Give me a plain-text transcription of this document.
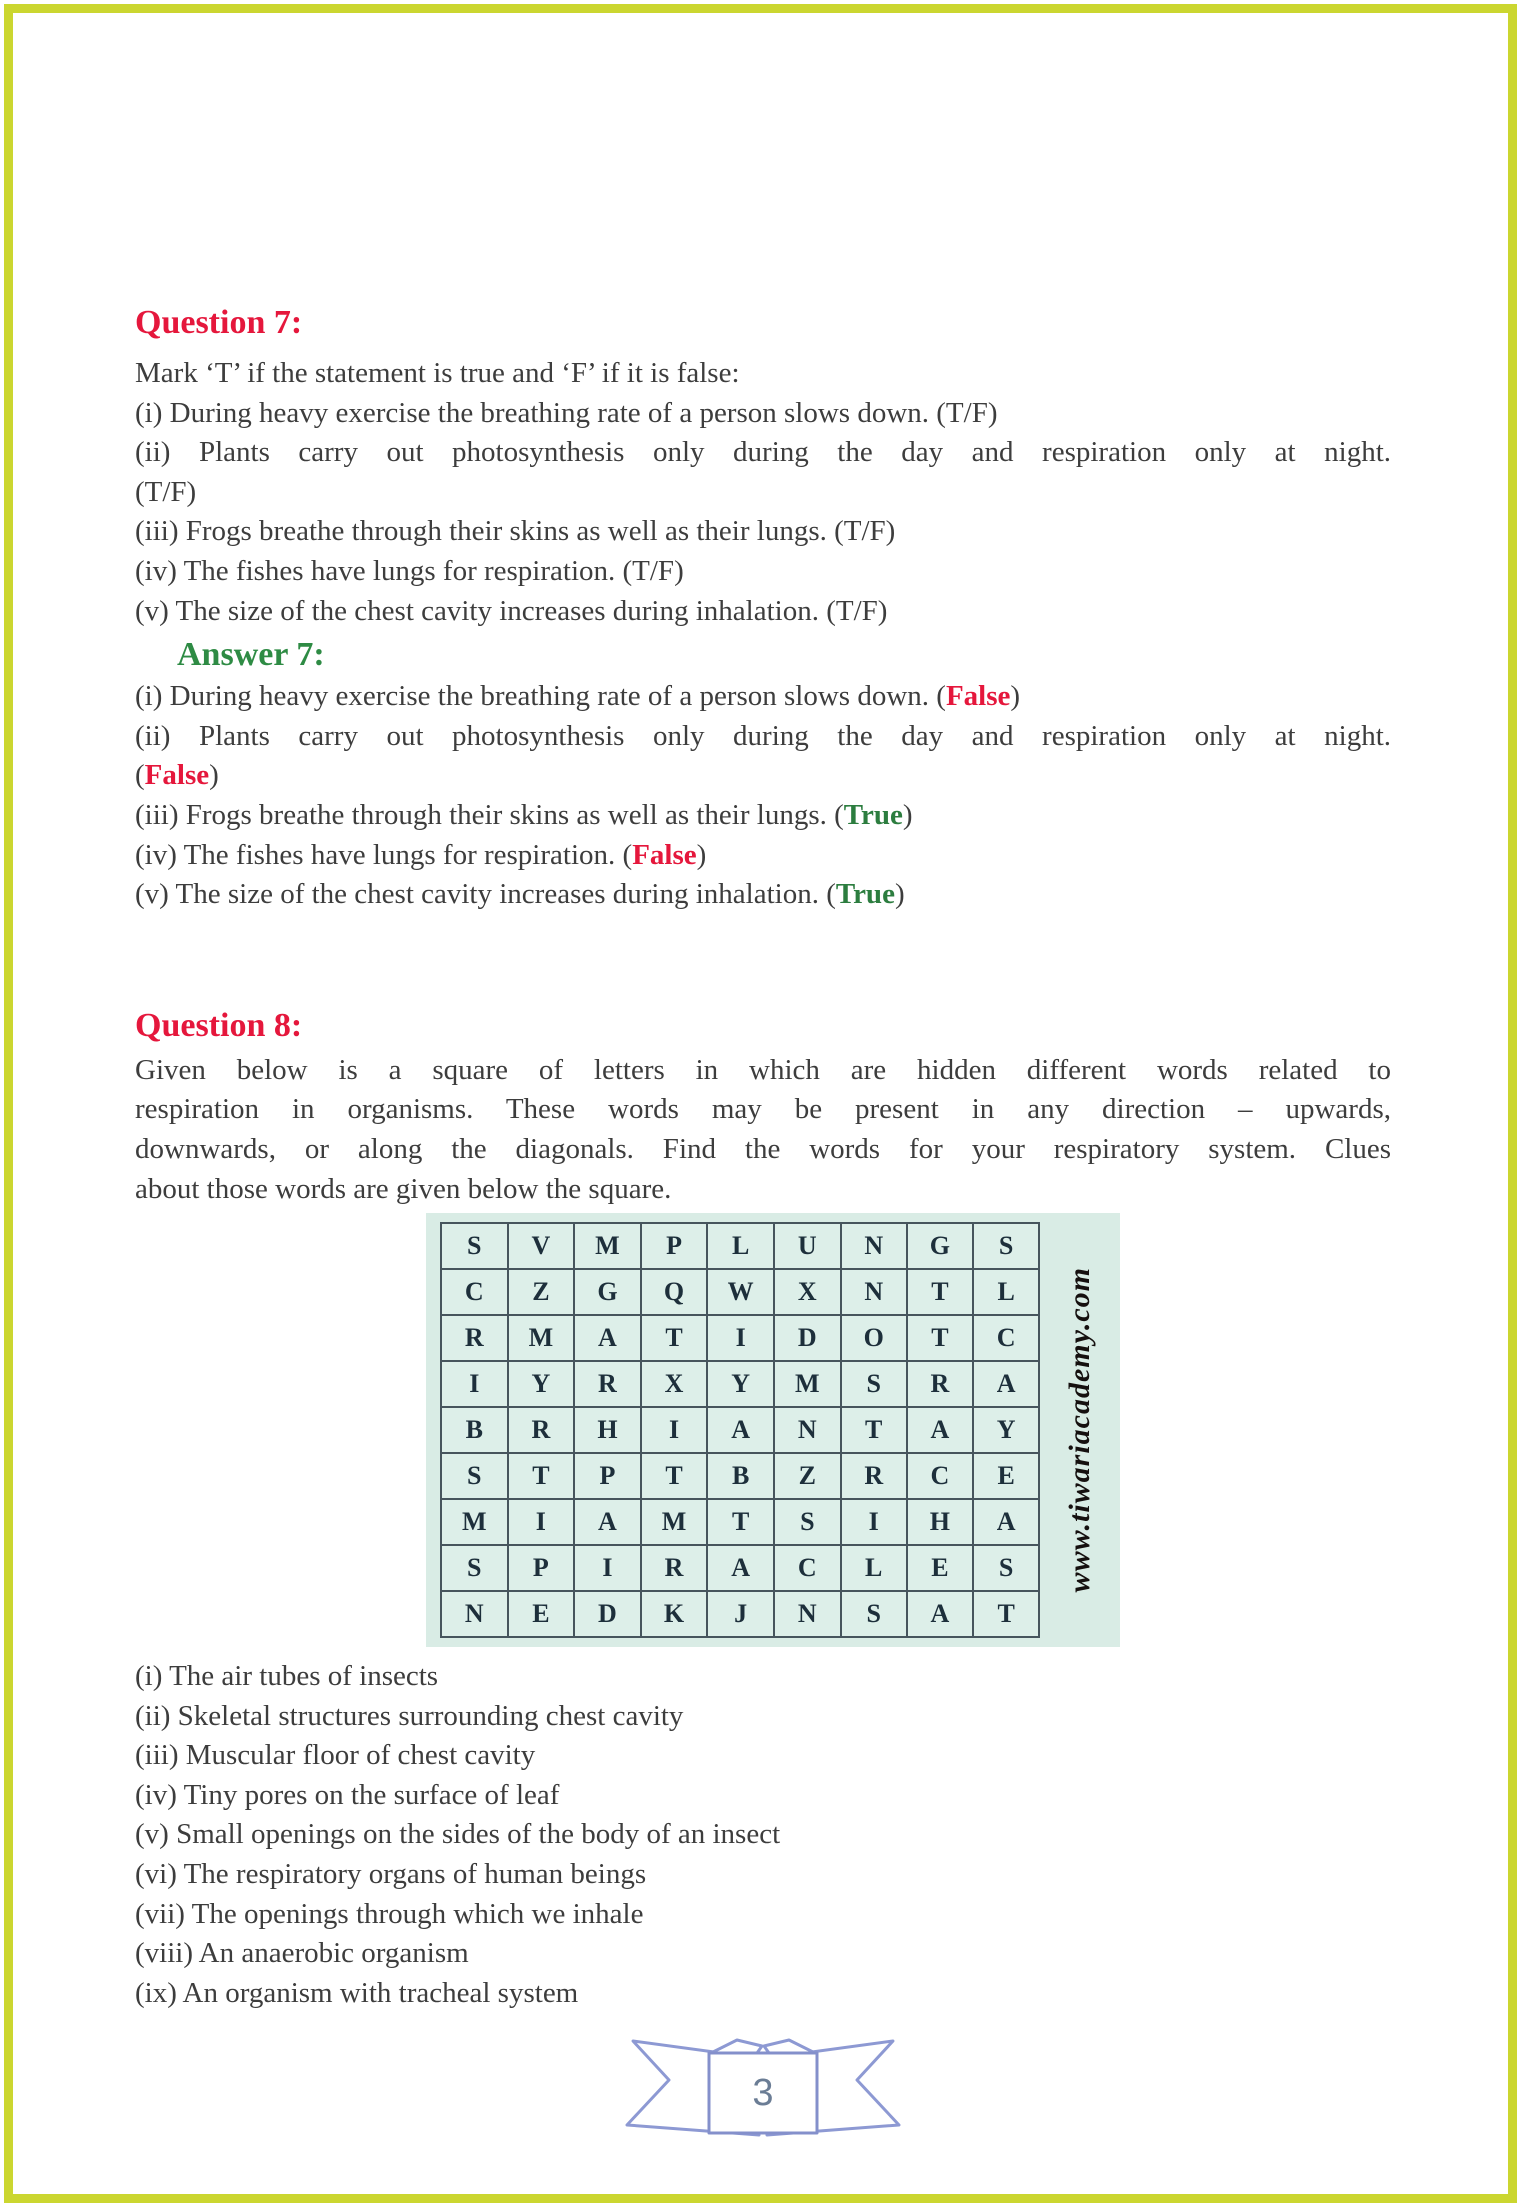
Question 7:
Mark ‘T’ if the statement is true and ‘F’ if it is false:
(i) During heavy exercise the breathing rate of a person slows down. (T/F)
(ii) Plants carry out photosynthesis only during the day and respiration only at night.
(T/F)
(iii) Frogs breathe through their skins as well as their lungs. (T/F)
(iv) The fishes have lungs for respiration. (T/F)
(v) The size of the chest cavity increases during inhalation. (T/F)
Answer 7:
(i) During heavy exercise the breathing rate of a person slows down. (False)
(ii) Plants carry out photosynthesis only during the day and respiration only at night.
(False)
(iii) Frogs breathe through their skins as well as their lungs. (True)
(iv) The fishes have lungs for respiration. (False)
(v) The size of the chest cavity increases during inhalation. (True)
Question 8:
Given below is a square of letters in which are hidden different words related to
respiration in organisms. These words may be present in any direction – upwards,
downwards, or along the diagonals. Find the words for your respiratory system. Clues
about those words are given below the square.
S	V	M	P	L	U	N	G	S
C	Z	G	Q	W	X	N	T	L
R	M	A	T	I	D	O	T	C
I	Y	R	X	Y	M	S	R	A
B	R	H	I	A	N	T	A	Y
S	T	P	T	B	Z	R	C	E
M	I	A	M	T	S	I	H	A
S	P	I	R	A	C	L	E	S
N	E	D	K	J	N	S	A	T
www.tiwariacademy.com
(i) The air tubes of insects
(ii) Skeletal structures surrounding chest cavity
(iii) Muscular floor of chest cavity
(iv) Tiny pores on the surface of leaf
(v) Small openings on the sides of the body of an insect
(vi) The respiratory organs of human beings
(vii) The openings through which we inhale
(viii) An anaerobic organism
(ix) An organism with tracheal system
3
